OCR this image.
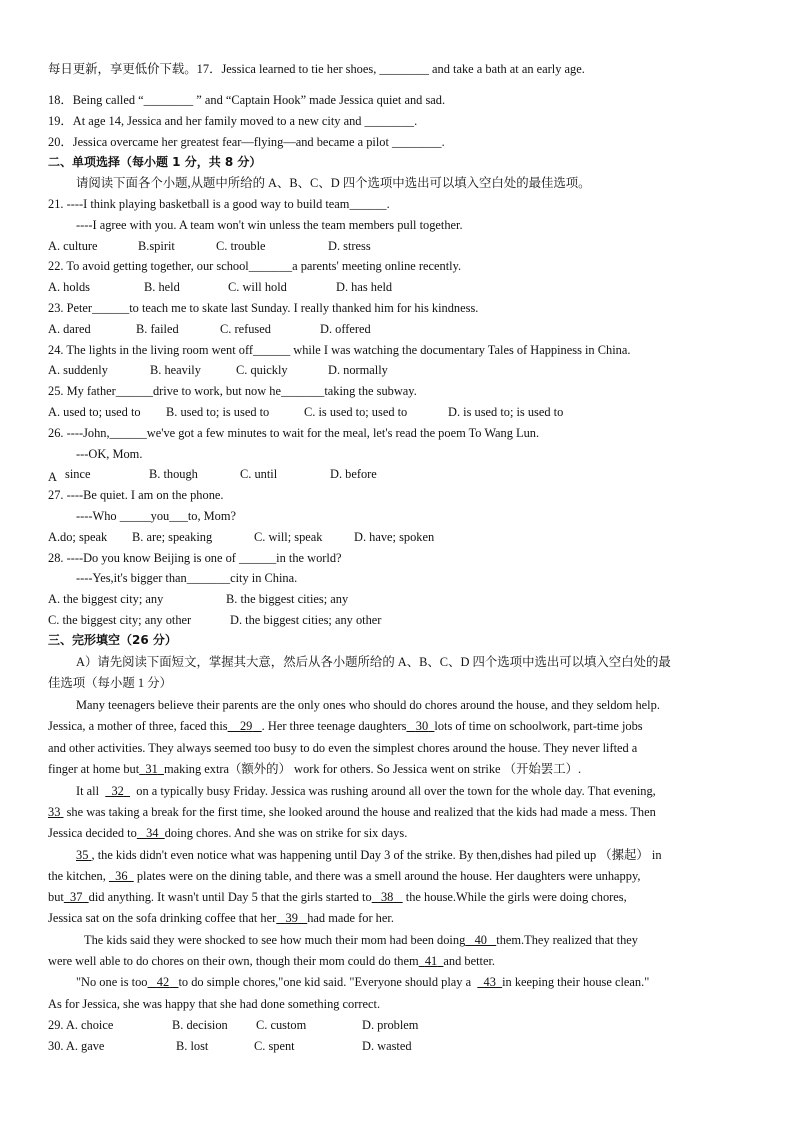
每日更新，享更低价下载。17．Jessica learned to tie her shoes, ________ and take a bath at an early age.
18．Being called “________ ” and “Captain Hook” made Jessica quiet and sad.
19．At age 14, Jessica and her family moved to a new city and ________.
20．Jessica overcame her greatest fear—flying—and became a pilot ________.
二、单项选择（每小题 1 分，共 8 分）
请阅读下面各个小题,从题中所给的 A、B、C、D 四个选项中选出可以填入空白处的最佳选项。
21. ----I think playing basketball is a good way to build team______.
----I agree with you. A team won't win unless the team members pull together.
A. culture	B.spirit	C. trouble	D. stress
22. To avoid getting together, our school_______a parents' meeting online recently.
A. holds	B. held	C. will hold	D. has held
23. Peter______to teach me to skate last Sunday. I really thanked him for his kindness.
A. dared	B. failed	C. refused	D. offered
24. The lights in the living room went off______ while I was watching the documentary Tales of Happiness in China.
A. suddenly	B. heavily	C. quickly	D. normally
25. My father______drive to work, but now he_______taking the subway.
A. used to; used to B. used to; is used to	C. is used to; used to	D. is used to; is used to
26. ----John,______we've got a few minutes to wait for the meal, let's read the poem To Wang Lun.
---OK, Mom.
A since	B. though	C. until	D. before
27. ----Be quiet. I am on the phone.
----Who _____you___to, Mom?
A.do; speak B. are; speaking	C. will; speak	D. have; spoken
28. ----Do you know Beijing is one of ______in the world?
----Yes,it's bigger than_______city in China.
A. the biggest city; any	B. the biggest cities; any
C. the biggest city; any other	D. the biggest cities; any other
三、完形填空（26 分）
A）请先阅读下面短文，掌握其大意，然后从各小题所给的 A、B、C、D 四个选项中选出可以填入空白处的最
佳选项（每小题 1 分）
Many teenagers believe their parents are the only ones who should do chores around the house, and they seldom help.
Jessica, a mother of three, faced this 29 . Her three teenage daughters 30 lots of time on schoolwork, part-time jobs
and other activities. They always seemed too busy to do even the simplest chores around the house. They never lifted a
finger at home but 31 making extra（额外的） work for others. So Jessica went on strike （开始罢工）.
It all 32 on a typically busy Friday. Jessica was rushing around all over the town for the whole day. That evening,
33 she was taking a break for the first time, she looked around the house and realized that the kids had made a mess. Then
Jessica decided to 34 doing chores. And she was on strike for six days.
35 , the kids didn't even notice what was happening until Day 3 of the strike. By then,dishes had piled up （摞起） in
the kitchen, 36 plates were on the dining table, and there was a smell around the house. Her daughters were unhappy,
but 37 did anything. It wasn't until Day 5 that the girls started to 38 the house.While the girls were doing chores,
Jessica sat on the sofa drinking coffee that her 39 had made for her.
The kids said they were shocked to see how much their mom had been doing 40 them.They realized that they
were well able to do chores on their own, though their mom could do them 41 and better.
"No one is too 42 to do simple chores,"one kid said. "Everyone should play a 43 in keeping their house clean."
As for Jessica, she was happy that she had done something correct.
29. A. choice	B. decision C. custom	D. problem
30. A. gave	B. lost	C. spent	D. wasted
